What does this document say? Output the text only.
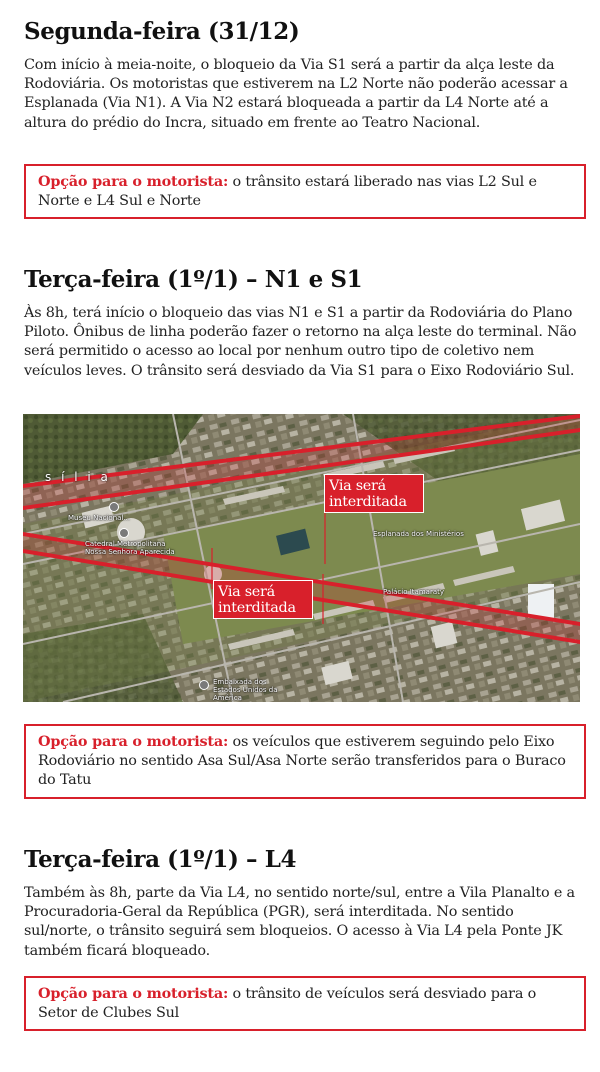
Segunda-feira (31/12)

Com início à meia-noite, o bloqueio da Via S1 será a partir da alça leste da Rodoviária. Os motoristas que estiverem na L2 Norte não poderão acessar a Esplanada (Via N1). A Via N2 estará bloqueada a partir da L4 Norte até a altura do prédio do Incra, situado em frente ao Teatro Nacional.

Opção para o motorista: o trânsito estará liberado nas vias L2 Sul e Norte e L4 Sul e Norte
Terça-feira (1º/1) – N1 e S1

Às 8h, terá início o bloqueio das vias N1 e S1 a partir da Rodoviária do Plano Piloto. Ônibus de linha poderão fazer o retorno na alça leste do terminal. Não será permitido o acesso ao local por nenhum outro tipo de coletivo nem veículos leves. O trânsito será desviado da Via S1 para o Eixo Rodoviário Sul.

s í l i a
Museu Nacional...
Catedral Metropolitana Nossa Senhora Aparecida
Esplanada dos Ministérios
Palácio Itamaraty
Embaixada dos Estados Unidos da América
Via será interditada
Via será interditada
Opção para o motorista: os veículos que estiverem seguindo pelo Eixo Rodoviário no sentido Asa Sul/Asa Norte serão transferidos para o Buraco do Tatu
Terça-feira (1º/1) – L4

Também às 8h, parte da Via L4, no sentido norte/sul, entre a Vila Planalto e a Procuradoria-Geral da República (PGR), será interditada. No sentido sul/norte, o trânsito seguirá sem bloqueios. O acesso à Via L4 pela Ponte JK também ficará bloqueado.

Opção para o motorista: o trânsito de veículos será desviado para o Setor de Clubes Sul
